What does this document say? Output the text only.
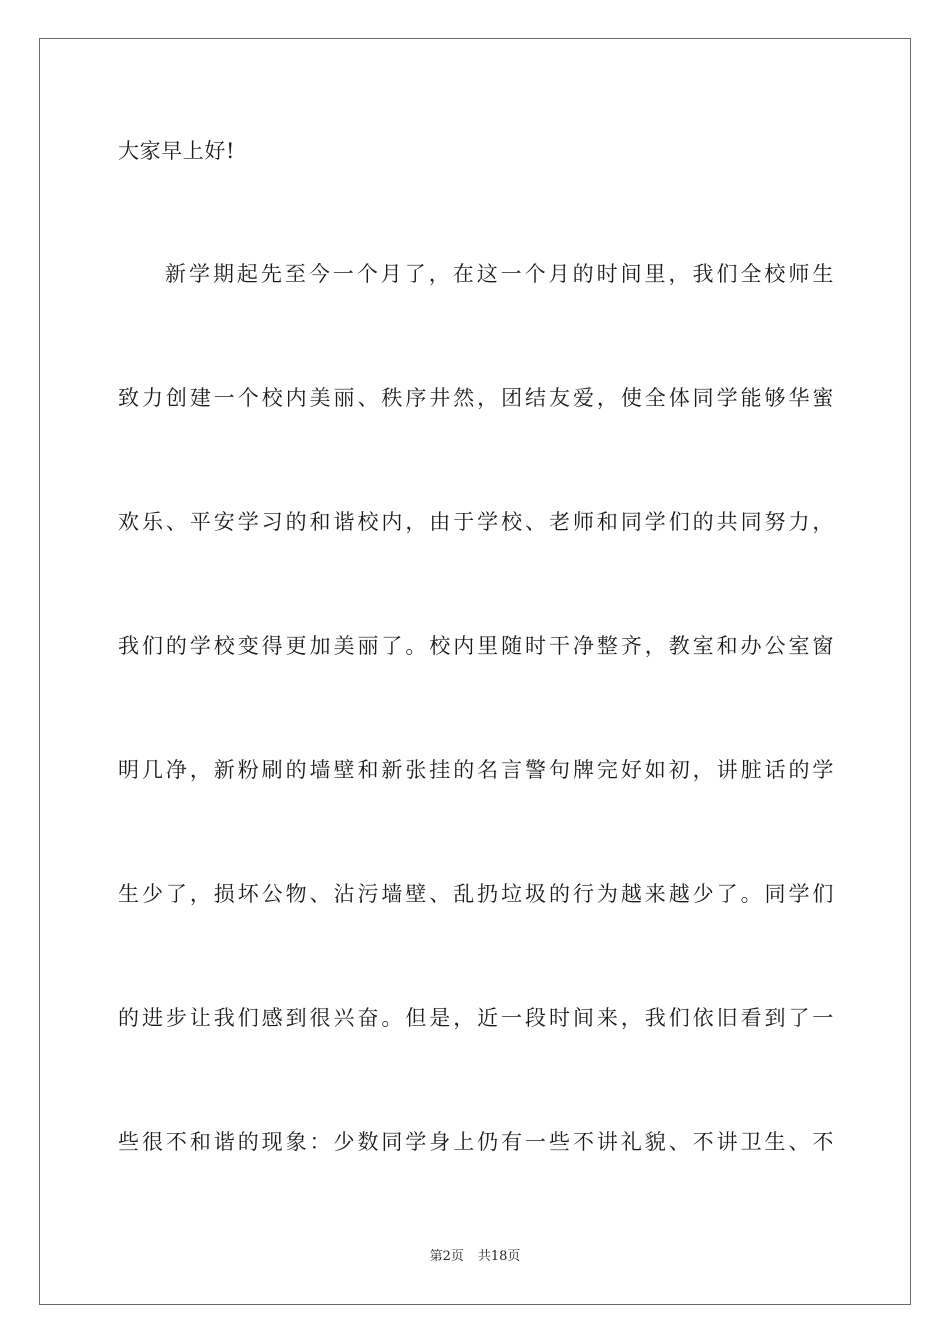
大家早上好!
新学期起先至今一个月了，在这一个月的时间里，我们全校师生
致力创建一个校内美丽、秩序井然，团结友爱，使全体同学能够华蜜
欢乐、平安学习的和谐校内，由于学校、老师和同学们的共同努力，
我们的学校变得更加美丽了。校内里随时干净整齐，教室和办公室窗
明几净，新粉刷的墙壁和新张挂的名言警句牌完好如初，讲脏话的学
生少了，损坏公物、沾污墙壁、乱扔垃圾的行为越来越少了。同学们
的进步让我们感到很兴奋。但是，近一段时间来，我们依旧看到了一
些很不和谐的现象：少数同学身上仍有一些不讲礼貌、不讲卫生、不
第2页 共18页
